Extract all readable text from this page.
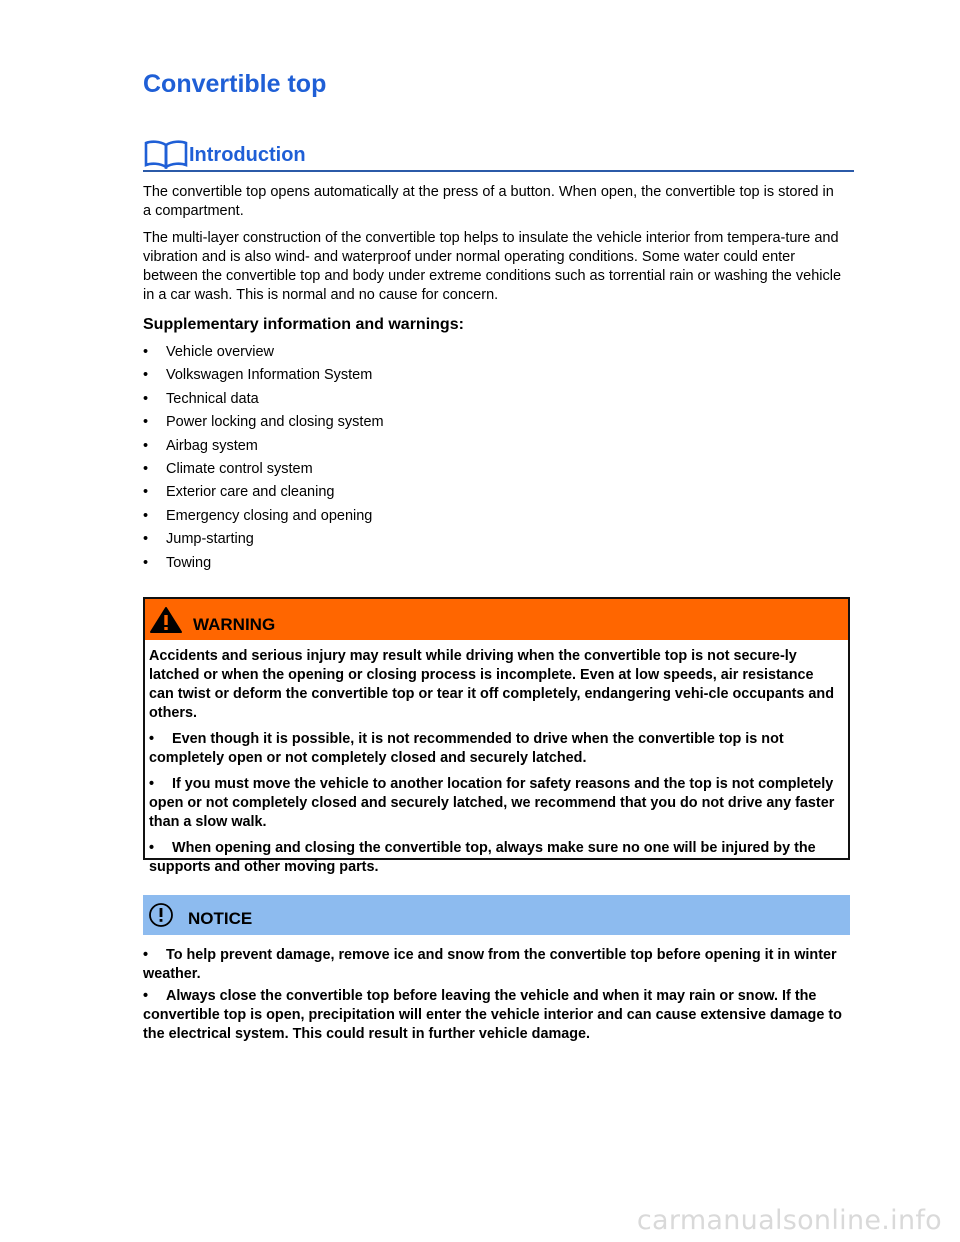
Convertible top
Introduction

The convertible top opens automatically at the press of a button. When open, the convertible top is stored in a compartment.

The multi-layer construction of the convertible top helps to insulate the vehicle interior from tempera-ture and vibration and is also wind- and waterproof under normal operating conditions. Some water could enter between the convertible top and body under extreme conditions such as torrential rain or washing the vehicle in a car wash. This is normal and no cause for concern.

Supplementary information and warnings:
•	Vehicle overview
•	Volkswagen Information System
•	Technical data
•	Power locking and closing system
•	Airbag system
•	Climate control system
•	Exterior care and cleaning
•	Emergency closing and opening
•	Jump-starting
•	Towing
WARNING

Accidents and serious injury may result while driving when the convertible top is not secure-ly latched or when the opening or closing process is incomplete. Even at low speeds, air resistance can twist or deform the convertible top or tear it off completely, endangering vehi-cle occupants and others.

• Even though it is possible, it is not recommended to drive when the convertible top is not completely open or not completely closed and securely latched.

• If you must move the vehicle to another location for safety reasons and the top is not completely open or not completely closed and securely latched, we recommend that you do not drive any faster than a slow walk.

• When opening and closing the convertible top, always make sure no one will be injured by the supports and other moving parts.

NOTICE

• To help prevent damage, remove ice and snow from the convertible top before opening it in winter weather.

• Always close the convertible top before leaving the vehicle and when it may rain or snow. If the convertible top is open, precipitation will enter the vehicle interior and can cause extensive damage to the electrical system. This could result in further vehicle damage.

carmanualsonline.info
